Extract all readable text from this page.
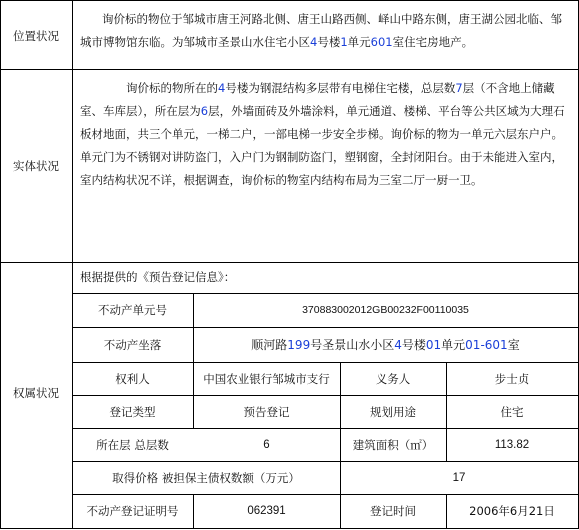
位置状况
询价标的物位于邹城市唐王河路北侧、唐王山路西侧、峄山中路东侧，唐王湖公园北临、邹城市博物馆东临。为邹城市圣景山水住宅小区4号楼1单元601室住宅房地产。
实体状况
询价标的物所在的4号楼为钢混结构多层带有电梯住宅楼，总层数7层（不含地上储藏室、车库层），所在层为6层，外墙面砖及外墙涂料，单元通道、楼梯、平台等公共区域为大理石板材地面，共三个单元，一梯二户，一部电梯一步安全步梯。询价标的物为一单元六层东户户。单元门为不锈钢对讲防盗门，入户门为钢制防盗门，塑钢窗，全封闭阳台。由于未能进入室内，室内结构状况不详，根据调查，询价标的物室内结构布局为三室二厅一厨一卫。
权属状况
根据提供的《预告登记信息》：
不动产单元号	370883002012GB00232F00110035
不动产坐落	顺河路199号圣景山水小区4号楼01单元01-601室
权利人	中国农业银行邹城市支行	义务人	步士贞
登记类型	预告登记	规划用途	住宅
所在层 总层数	6	建筑面积（㎡）	113.82
取得价格 被担保主债权数额（万元）	17
不动产登记证明号	062391	登记时间	2006年6月21日
